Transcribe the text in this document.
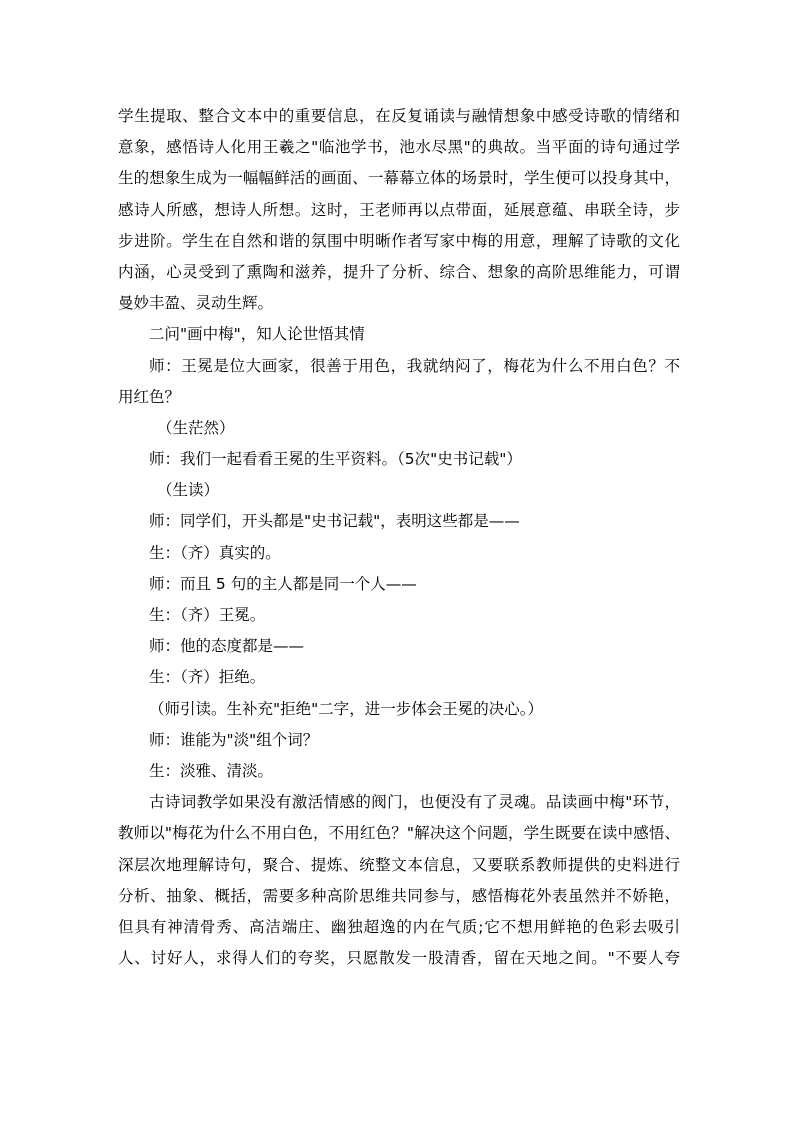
学生提取、整合文本中的重要信息，在反复诵读与融情想象中感受诗歌的情绪和
意象，感悟诗人化用王羲之"临池学书，池水尽黑"的典故。当平面的诗句通过学
生的想象生成为一幅幅鲜活的画面、一幕幕立体的场景时，学生便可以投身其中，
感诗人所感，想诗人所想。这时，王老师再以点带面，延展意蕴、串联全诗，步
步进阶。学生在自然和谐的氛围中明晰作者写家中梅的用意，理解了诗歌的文化
内涵，心灵受到了熏陶和滋养，提升了分析、综合、想象的高阶思维能力，可谓
曼妙丰盈、灵动生辉。
二问"画中梅"，知人论世悟其情
师：王冕是位大画家，很善于用色，我就纳闷了，梅花为什么不用白色？不
用红色？
（生茫然）
师：我们一起看看王冕的生平资料。（5次"史书记载"）
（生读）
师：同学们，开头都是"史书记载"，表明这些都是——
生：（齐）真实的。
师：而且 5 句的主人都是同一个人——
生：（齐）王冕。
师：他的态度都是——
生：（齐）拒绝。
（师引读。生补充"拒绝"二字，进一步体会王冕的决心。）
师：谁能为"淡"组个词？
生：淡雅、清淡。
古诗词教学如果没有激活情感的阀门，也便没有了灵魂。品读画中梅"环节，
教师以"梅花为什么不用白色，不用红色？"解决这个问题，学生既要在读中感悟、
深层次地理解诗句，聚合、提炼、统整文本信息，又要联系教师提供的史料进行
分析、抽象、概括，需要多种高阶思维共同参与，感悟梅花外表虽然并不娇艳，
但具有神清骨秀、高洁端庄、幽独超逸的内在气质;它不想用鲜艳的色彩去吸引
人、讨好人，求得人们的夸奖，只愿散发一股清香，留在天地之间。"不要人夸
